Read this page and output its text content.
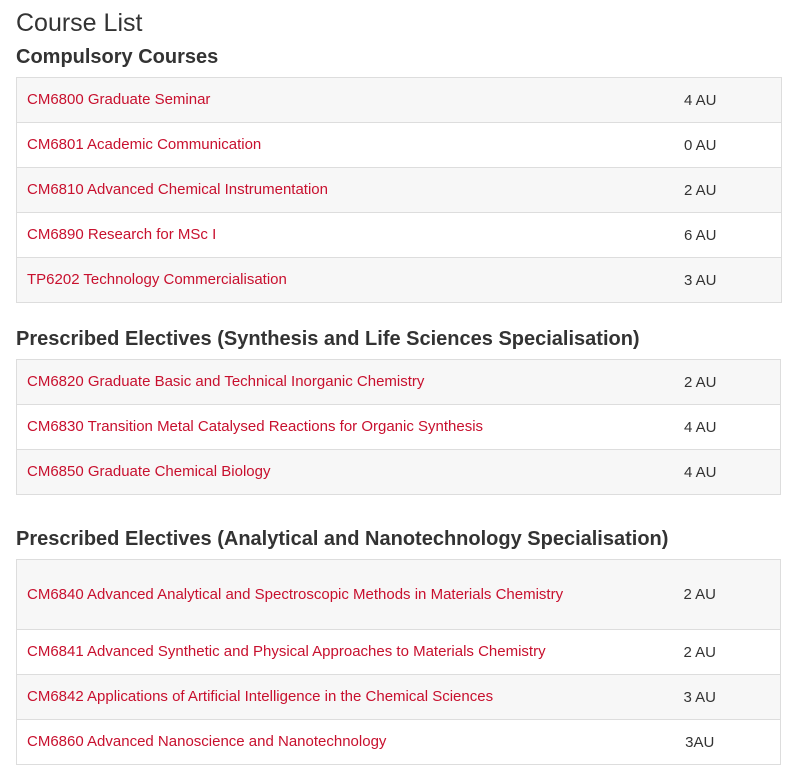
Course List
Compulsory Courses
CM6800 Graduate Seminar	4 AU
CM6801 Academic Communication	0 AU
CM6810 Advanced Chemical Instrumentation	2 AU
CM6890 Research for MSc I	6 AU
TP6202 Technology Commercialisation	3 AU
Prescribed Electives (Synthesis and Life Sciences Specialisation)
CM6820 Graduate Basic and Technical Inorganic Chemistry	2 AU
CM6830 Transition Metal Catalysed Reactions for Organic Synthesis	4 AU
CM6850 Graduate Chemical Biology	4 AU
Prescribed Electives (Analytical and Nanotechnology Specialisation)
CM6840 Advanced Analytical and Spectroscopic Methods in Materials Chemistry	2 AU
CM6841 Advanced Synthetic and Physical Approaches to Materials Chemistry	2 AU
CM6842 Applications of Artificial Intelligence in the Chemical Sciences	3 AU
CM6860 Advanced Nanoscience and Nanotechnology	3AU
